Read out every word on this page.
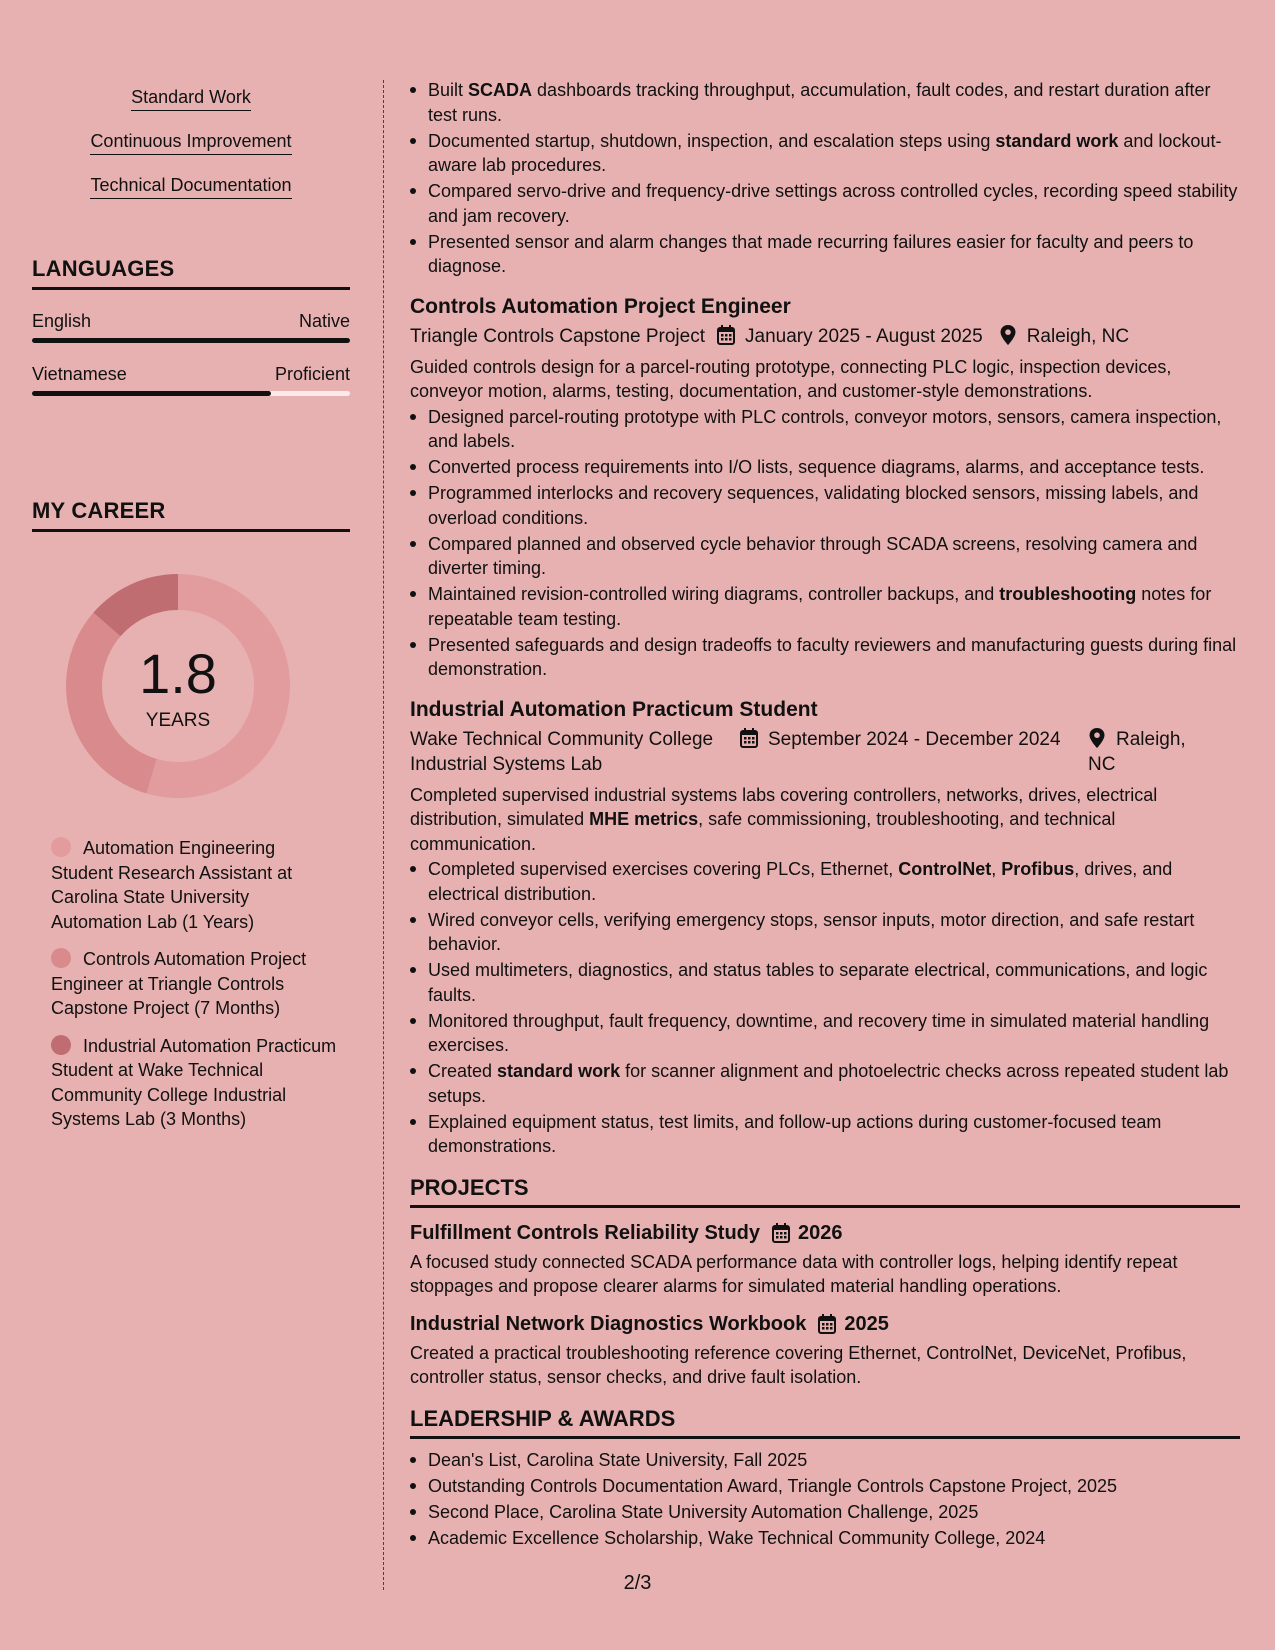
Standard Work
Continuous Improvement
Technical Documentation
LANGUAGES
English	Native
Vietnamese	Proficient
MY CAREER
1.8
YEARS
Automation Engineering Student Research Assistant at Carolina State University Automation Lab (1 Years)
Controls Automation Project Engineer at Triangle Controls Capstone Project (7 Months)
Industrial Automation Practicum Student at Wake Technical Community College Industrial Systems Lab (3 Months)
Built SCADA dashboards tracking throughput, accumulation, fault codes, and restart duration after test runs.
Documented startup, shutdown, inspection, and escalation steps using standard work and lockout-aware lab procedures.
Compared servo-drive and frequency-drive settings across controlled cycles, recording speed stability and jam recovery.
Presented sensor and alarm changes that made recurring failures easier for faculty and peers to diagnose.
Controls Automation Project Engineer
Triangle Controls Capstone Project	January 2025 - August 2025	Raleigh, NC
Guided controls design for a parcel-routing prototype, connecting PLC logic, inspection devices, conveyor motion, alarms, testing, documentation, and customer-style demonstrations.
Designed parcel-routing prototype with PLC controls, conveyor motors, sensors, camera inspection, and labels.
Converted process requirements into I/O lists, sequence diagrams, alarms, and acceptance tests.
Programmed interlocks and recovery sequences, validating blocked sensors, missing labels, and overload conditions.
Compared planned and observed cycle behavior through SCADA screens, resolving camera and diverter timing.
Maintained revision-controlled wiring diagrams, controller backups, and troubleshooting notes for repeatable team testing.
Presented safeguards and design tradeoffs to faculty reviewers and manufacturing guests during final demonstration.
Industrial Automation Practicum Student
Wake Technical Community College Industrial Systems Lab
September 2024 - December 2024	Raleigh, NC
Completed supervised industrial systems labs covering controllers, networks, drives, electrical distribution, simulated MHE metrics, safe commissioning, troubleshooting, and technical communication.
Completed supervised exercises covering PLCs, Ethernet, ControlNet, Profibus, drives, and electrical distribution.
Wired conveyor cells, verifying emergency stops, sensor inputs, motor direction, and safe restart behavior.
Used multimeters, diagnostics, and status tables to separate electrical, communications, and logic faults.
Monitored throughput, fault frequency, downtime, and recovery time in simulated material handling exercises.
Created standard work for scanner alignment and photoelectric checks across repeated student lab setups.
Explained equipment status, test limits, and follow-up actions during customer-focused team demonstrations.
PROJECTS
Fulfillment Controls Reliability Study 2026
A focused study connected SCADA performance data with controller logs, helping identify repeat stoppages and propose clearer alarms for simulated material handling operations.
Industrial Network Diagnostics Workbook 2025
Created a practical troubleshooting reference covering Ethernet, ControlNet, DeviceNet, Profibus, controller status, sensor checks, and drive fault isolation.
LEADERSHIP & AWARDS
Dean's List, Carolina State University, Fall 2025
Outstanding Controls Documentation Award, Triangle Controls Capstone Project, 2025
Second Place, Carolina State University Automation Challenge, 2025
Academic Excellence Scholarship, Wake Technical Community College, 2024
2/3
